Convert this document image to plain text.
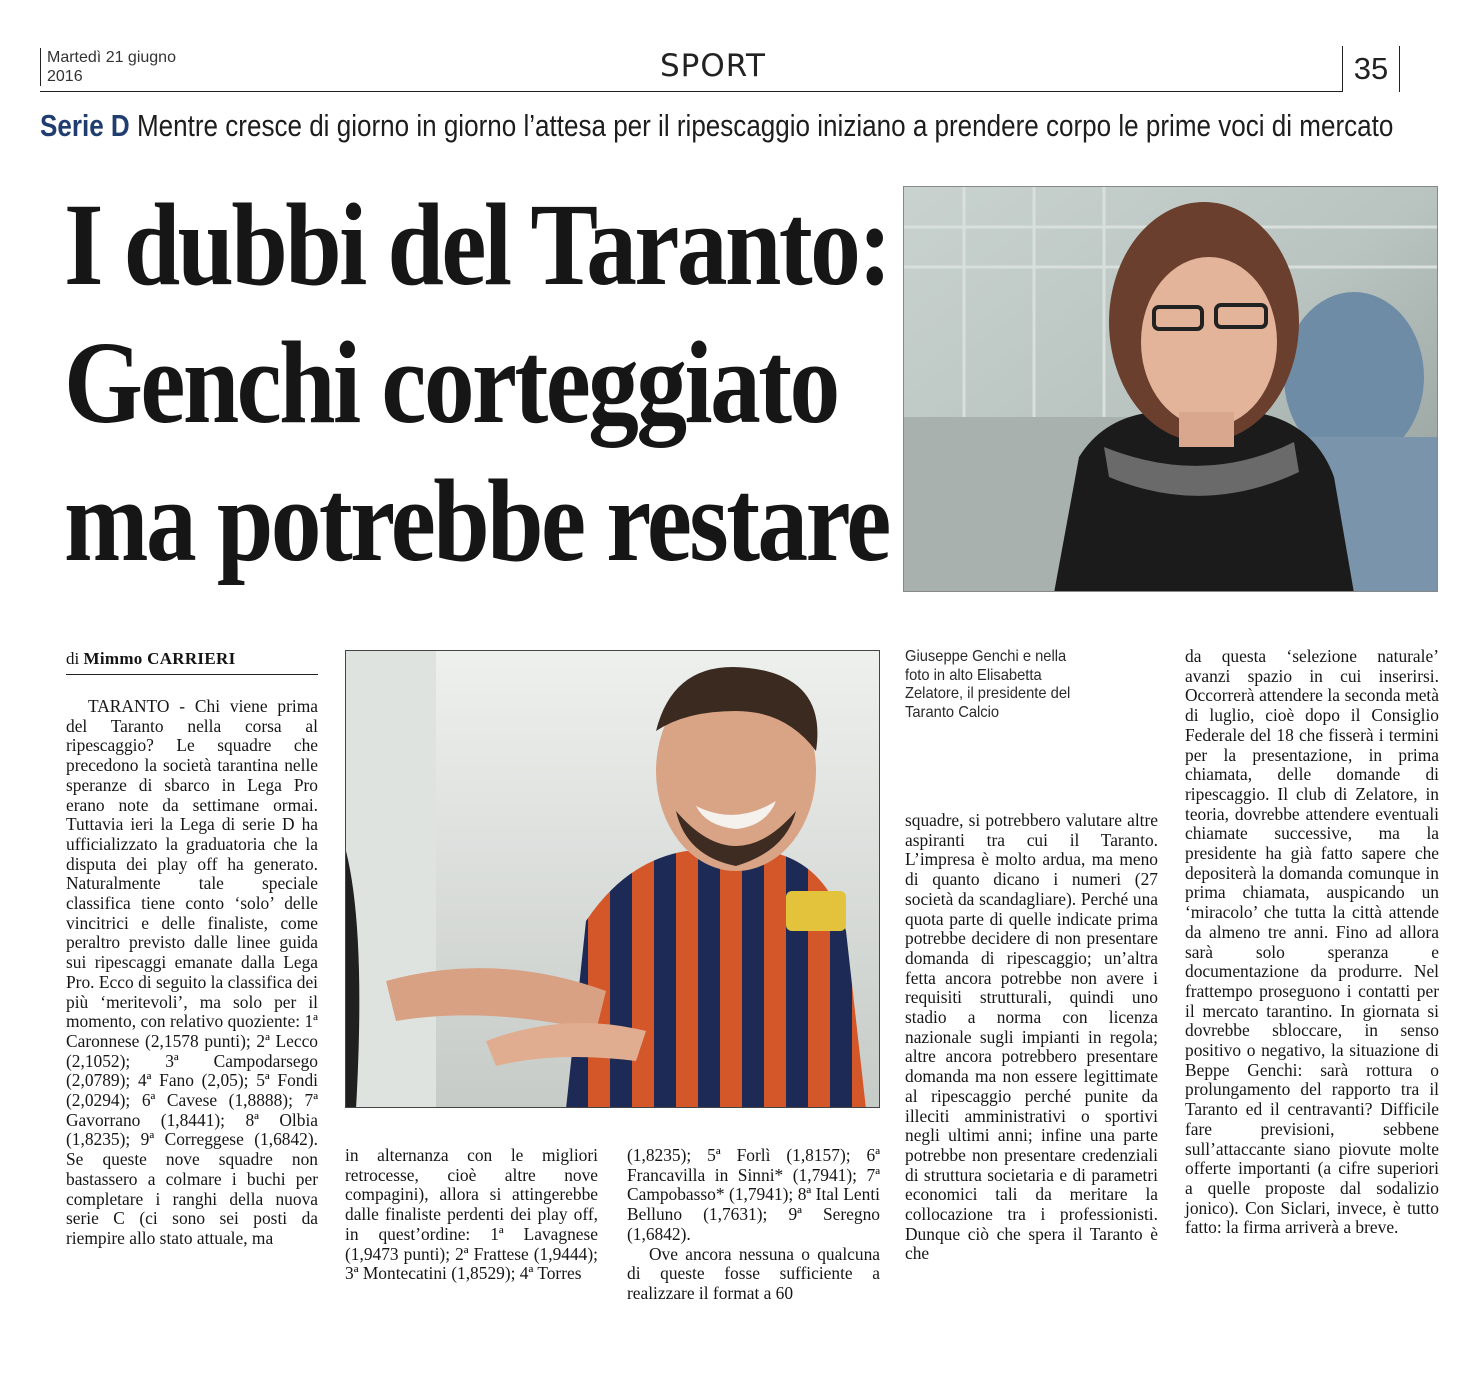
Martedì 21 giugno
2016	SPORT	35
Serie D Mentre cresce di giorno in giorno l’attesa per il ripescaggio iniziano a prendere corpo le prime voci di mercato
I dubbi del Taranto:
Genchi corteggiato
ma potrebbe restare
di Mimmo CARRIERI

TARANTO - Chi viene prima del Taranto nella corsa al ripescaggio? Le squadre che precedono la società tarantina nelle speranze di sbarco in Lega Pro erano note da settimane ormai. Tuttavia ieri la Lega di serie D ha ufficializzato la graduatoria che la disputa dei play off ha generato. Naturalmente tale speciale classifica tiene conto ‘solo’ delle vincitrici e delle finaliste, come peraltro previsto dalle linee guida sui ripescaggi emanate dalla Lega Pro. Ecco di seguito la classifica dei più ‘meritevoli’, ma solo per il momento, con relativo quoziente: 1ª Caronnese (2,1578 punti); 2ª Lecco (2,1052); 3ª Campodarsego (2,0789); 4ª Fano (2,05); 5ª Fondi (2,0294); 6ª Cavese (1,8888); 7ª Gavorrano (1,8441); 8ª Olbia (1,8235); 9ª Correggese (1,6842). Se queste nove squadre non bastassero a colmare i buchi per completare i ranghi della nuova serie C (ci sono sei posti da riempire allo stato attuale, ma

in alternanza con le migliori retrocesse, cioè altre nove compagini), allora si attingerebbe dalle finaliste perdenti dei play off, in quest’ordine: 1ª Lavagnese (1,9473 punti); 2ª Frattese (1,9444); 3ª Montecatini (1,8529); 4ª Torres

(1,8235); 5ª Forlì (1,8157); 6ª Francavilla in Sinni* (1,7941); 7ª Campobasso* (1,7941); 8ª Ital Lenti Belluno (1,7631); 9ª Seregno (1,6842).

Ove ancora nessuna o qualcuna di queste fosse sufficiente a realizzare il format a 60

Giuseppe Genchi e nella foto in alto Elisabetta Zelatore, il presidente del Taranto Calcio

squadre, si potrebbero valutare altre aspiranti tra cui il Taranto. L’impresa è molto ardua, ma meno di quanto dicano i numeri (27 società da scandagliare). Perché una quota parte di quelle indicate prima potrebbe decidere di non presentare domanda di ripescaggio; un’altra fetta ancora potrebbe non avere i requisiti strutturali, quindi uno stadio a norma con licenza nazionale sugli impianti in regola; altre ancora potrebbero presentare domanda ma non essere legittimate al ripescaggio perché punite da illeciti amministrativi o sportivi negli ultimi anni; infine una parte potrebbe non presentare credenziali di struttura societaria e di parametri economici tali da meritare la collocazione tra i professionisti. Dunque ciò che spera il Taranto è che

da questa ‘selezione naturale’ avanzi spazio in cui inserirsi. Occorrerà attendere la seconda metà di luglio, cioè dopo il Consiglio Federale del 18 che fisserà i termini per la presentazione, in prima chiamata, delle domande di ripescaggio. Il club di Zelatore, in teoria, dovrebbe attendere eventuali chiamate successive, ma la presidente ha già fatto sapere che depositerà la domanda comunque in prima chiamata, auspicando un ‘miracolo’ che tutta la città attende da almeno tre anni. Fino ad allora sarà solo speranza e documentazione da produrre. Nel frattempo proseguono i contatti per il mercato tarantino. In giornata si dovrebbe sbloccare, in senso positivo o negativo, la situazione di Beppe Genchi: sarà rottura o prolungamento del rapporto tra il Taranto ed il centravanti? Difficile fare previsioni, sebbene sull’attaccante siano piovute molte offerte importanti (a cifre superiori a quelle proposte dal sodalizio jonico). Con Siclari, invece, è tutto fatto: la firma arriverà a breve.
